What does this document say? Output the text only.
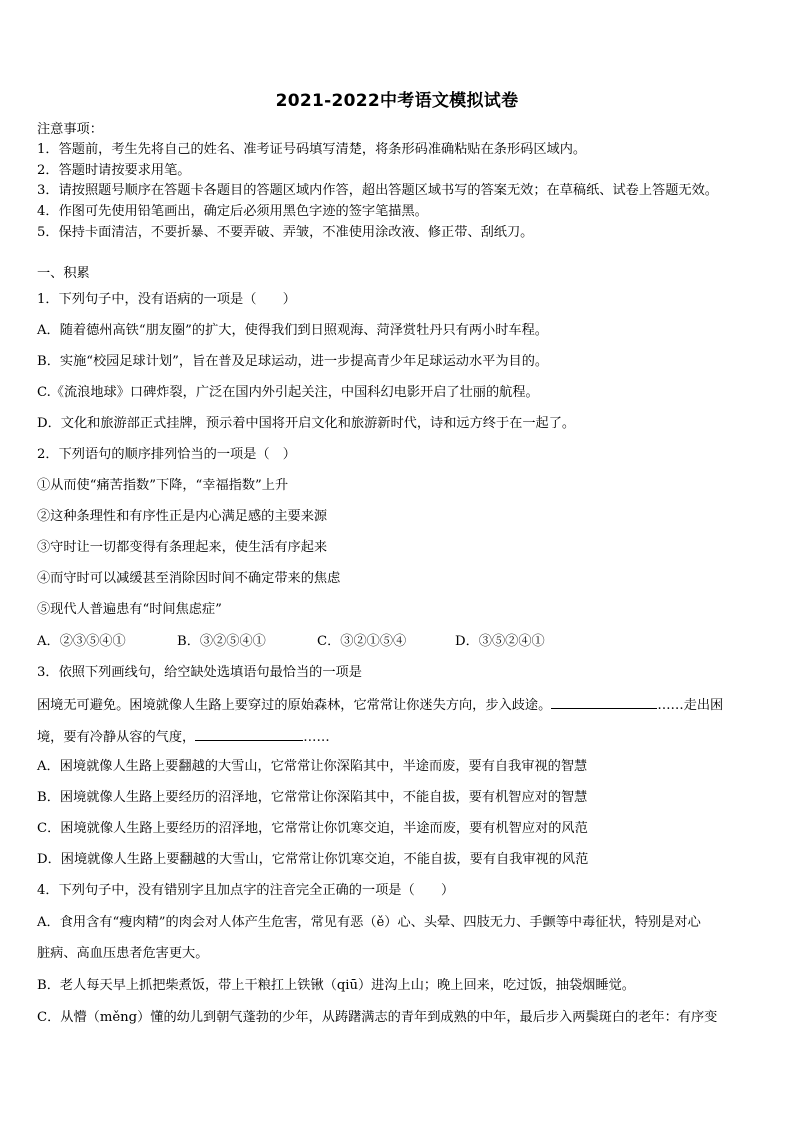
2021-2022中考语文模拟试卷
注意事项：
1．答题前，考生先将自己的姓名、准考证号码填写清楚，将条形码准确粘贴在条形码区域内。
2．答题时请按要求用笔。
3．请按照题号顺序在答题卡各题目的答题区域内作答，超出答题区域书写的答案无效；在草稿纸、试卷上答题无效。
4．作图可先使用铅笔画出，确定后必须用黑色字迹的签字笔描黑。
5．保持卡面清洁，不要折暴、不要弄破、弄皱，不准使用涂改液、修正带、刮纸刀。
一、积累
1．下列句子中，没有语病的一项是（　　）
A．随着德州高铁“朋友圈”的扩大，使得我们到日照观海、菏泽赏牡丹只有两小时车程。
B．实施“校园足球计划”，旨在普及足球运动，进一步提高青少年足球运动水平为目的。
C.《流浪地球》口碑炸裂，广泛在国内外引起关注，中国科幻电影开启了壮丽的航程。
D．文化和旅游部正式挂牌，预示着中国将开启文化和旅游新时代，诗和远方终于在一起了。
2．下列语句的顺序排列恰当的一项是（　）
①从而使“痛苦指数”下降，“幸福指数”上升
②这种条理性和有序性正是内心满足感的主要来源
③守时让一切都变得有条理起来，使生活有序起来
④而守时可以减缓甚至消除因时间不确定带来的焦虑
⑤现代人普遍患有“时间焦虑症”
A．②③⑤④①	B．③②⑤④①	C．③②①⑤④	D．③⑤②④①
3．依照下列画线句，给空缺处选填语句最恰当的一项是
困境无可避免。困境就像人生路上要穿过的原始森林，它常常让你迷失方向，步入歧途。	……走出困
境，要有冷静从容的气度，	……
A．困境就像人生路上要翻越的大雪山，它常常让你深陷其中，半途而废，要有自我审视的智慧
B．困境就像人生路上要经历的沼泽地，它常常让你深陷其中，不能自拔，要有机智应对的智慧
C．困境就像人生路上要经历的沼泽地，它常常让你饥寒交迫，半途而废，要有机智应对的风范
D．困境就像人生路上要翻越的大雪山，它常常让你饥寒交迫，不能自拔，要有自我审视的风范
4．下列句子中，没有错别字且加点字的注音完全正确的一项是（　　）
A．食用含有“瘦肉精”的肉会对人体产生危害，常见有恶（ě）心、头晕、四肢无力、手颤等中毒征状，特别是对心
脏病、高血压患者危害更大。
B．老人每天早上抓把柴煮饭，带上干粮扛上铁锹（qiū）进沟上山；晚上回来，吃过饭，抽袋烟睡觉。
C．从懵（měng）懂的幼儿到朝气蓬勃的少年，从踌躇满志的青年到成熟的中年，最后步入两鬓斑白的老年：有序变
